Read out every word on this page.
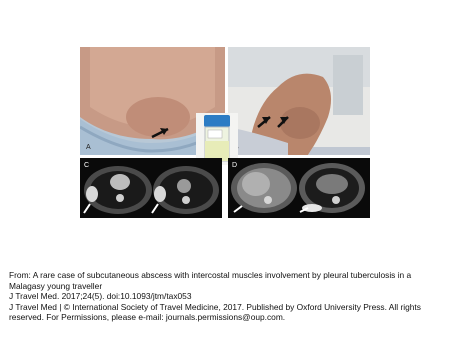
A
C	D
From: A rare case of subcutaneous abscess with intercostal muscles involvement by pleural tuberculosis in a Malagasy young traveller
J Travel Med. 2017;24(5). doi:10.1093/jtm/tax053
J Travel Med | © International Society of Travel Medicine, 2017. Published by Oxford University Press. All rights reserved. For Permissions, please e-mail: journals.permissions@oup.com.
